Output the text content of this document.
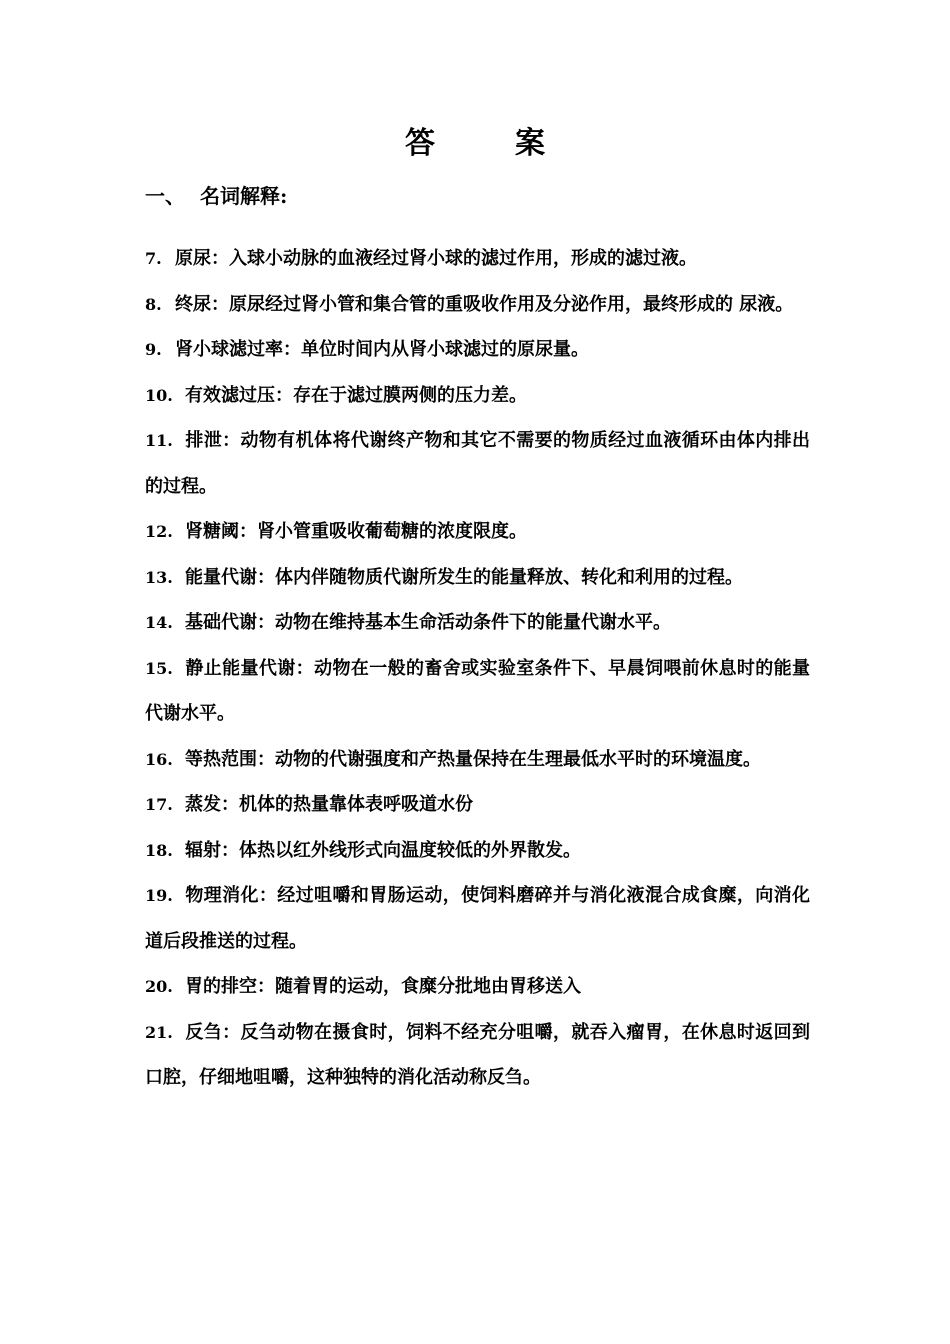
答	案
一、 名词解释:

7. 原尿：入球小动脉的血液经过肾小球的滤过作用，形成的滤过液。

8. 终尿：原尿经过肾小管和集合管的重吸收作用及分泌作用，最终形成的 尿液。

9. 肾小球滤过率：单位时间内从肾小球滤过的原尿量。

10. 有效滤过压：存在于滤过膜两侧的压力差。

11. 排泄：动物有机体将代谢终产物和其它不需要的物质经过血液循环由体内排出的过程。

12. 肾糖阈：肾小管重吸收葡萄糖的浓度限度。

13. 能量代谢：体内伴随物质代谢所发生的能量释放、转化和利用的过程。

14. 基础代谢：动物在维持基本生命活动条件下的能量代谢水平。

15. 静止能量代谢：动物在一般的畜舍或实验室条件下、早晨饲喂前休息时的能量代谢水平。

16. 等热范围：动物的代谢强度和产热量保持在生理最低水平时的环境温度。

17. 蒸发：机体的热量靠体表呼吸道水份

18. 辐射：体热以红外线形式向温度较低的外界散发。

19. 物理消化：经过咀嚼和胃肠运动，使饲料磨碎并与消化液混合成食糜，向消化道后段推送的过程。

20. 胃的排空：随着胃的运动，食糜分批地由胃移送入

21. 反刍：反刍动物在摄食时，饲料不经充分咀嚼，就吞入瘤胃，在休息时返回到口腔，仔细地咀嚼，这种独特的消化活动称反刍。
